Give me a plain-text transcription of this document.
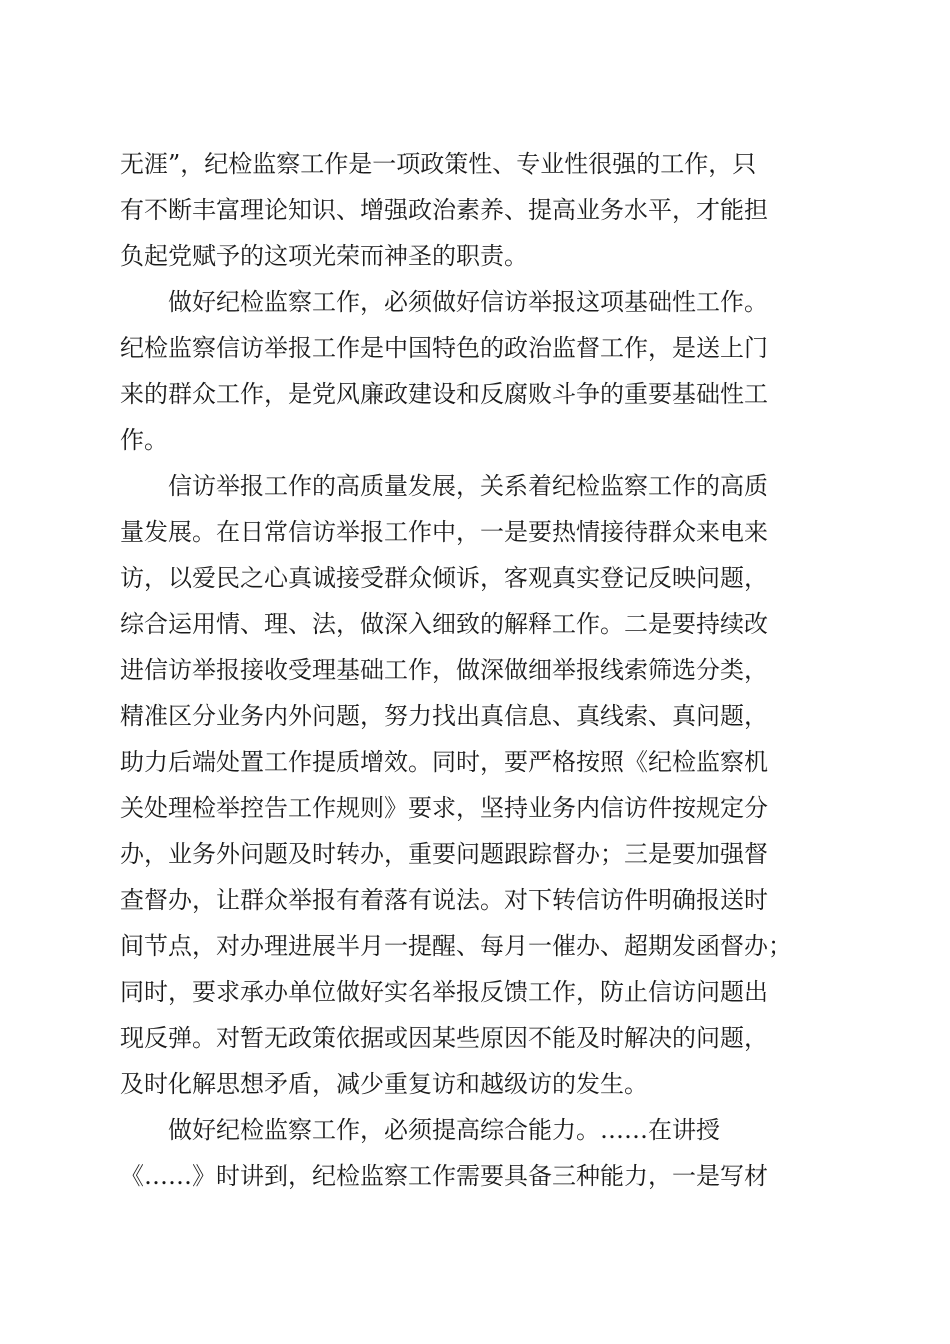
无涯”，纪检监察工作是一项政策性、专业性很强的工作，只
有不断丰富理论知识、增强政治素养、提高业务水平，才能担
负起党赋予的这项光荣而神圣的职责。
做好纪检监察工作，必须做好信访举报这项基础性工作。
纪检监察信访举报工作是中国特色的政治监督工作，是送上门
来的群众工作，是党风廉政建设和反腐败斗争的重要基础性工
作。
信访举报工作的高质量发展，关系着纪检监察工作的高质
量发展。在日常信访举报工作中，一是要热情接待群众来电来
访，以爱民之心真诚接受群众倾诉，客观真实登记反映问题，
综合运用情、理、法，做深入细致的解释工作。二是要持续改
进信访举报接收受理基础工作，做深做细举报线索筛选分类，
精准区分业务内外问题，努力找出真信息、真线索、真问题，
助力后端处置工作提质增效。同时，要严格按照《纪检监察机
关处理检举控告工作规则》要求，坚持业务内信访件按规定分
办，业务外问题及时转办，重要问题跟踪督办；三是要加强督
查督办，让群众举报有着落有说法。对下转信访件明确报送时
间节点，对办理进展半月一提醒、每月一催办、超期发函督办；
同时，要求承办单位做好实名举报反馈工作，防止信访问题出
现反弹。对暂无政策依据或因某些原因不能及时解决的问题，
及时化解思想矛盾，减少重复访和越级访的发生。
做好纪检监察工作，必须提高综合能力。……在讲授
《……》时讲到，纪检监察工作需要具备三种能力，一是写材
